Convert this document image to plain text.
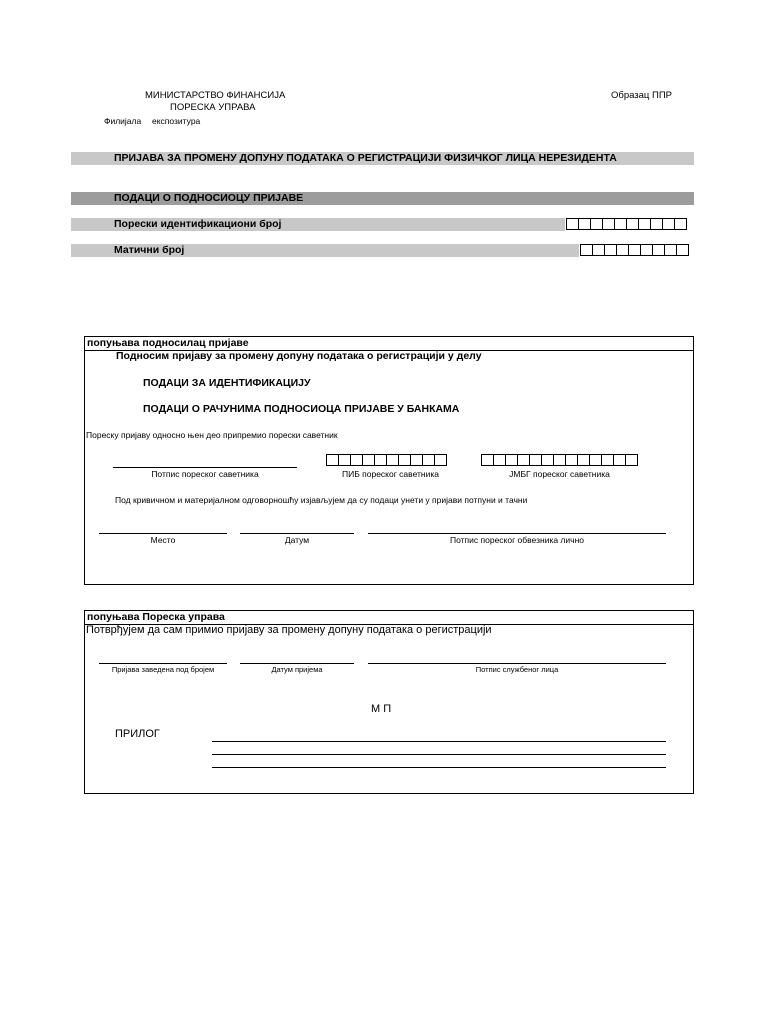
МИНИСТАРСТВО ФИНАНСИЈА
ПОРЕСКА УПРАВА
Филијала експозитура
Образац ППР
ПРИЈАВА ЗА ПРОМЕНУ ДОПУНУ ПОДАТАКА О РЕГИСТРАЦИЈИ ФИЗИЧКОГ ЛИЦА НЕРЕЗИДЕНТА
ПОДАЦИ О ПОДНОСИОЦУ ПРИЈАВЕ
Порески идентификациони број
Матични број
попуњава подносилац пријаве
Подносим пријаву за промену допуну података о регистрацији у делу
ПОДАЦИ ЗА ИДЕНТИФИКАЦИЈУ
ПОДАЦИ О РАЧУНИМА ПОДНОСИОЦА ПРИЈАВЕ У БАНКАМА
Пореску пријаву односно њен део припремио порески саветник
Потпис пореског саветника	ПИБ пореског саветника	ЈМБГ пореског саветника
Под кривичном и материјалном одговорношћу изјављујем да су подаци унети у пријави потпуни и тачни
Место	Датум	Потпис пореског обвезника лично
попуњава Пореска управа
Потврђујем да сам примио пријаву за промену допуну података о регистрацији
Пријава заведена под бројем	Датум пријема	Потпис службеног лица
М П
ПРИЛОГ
